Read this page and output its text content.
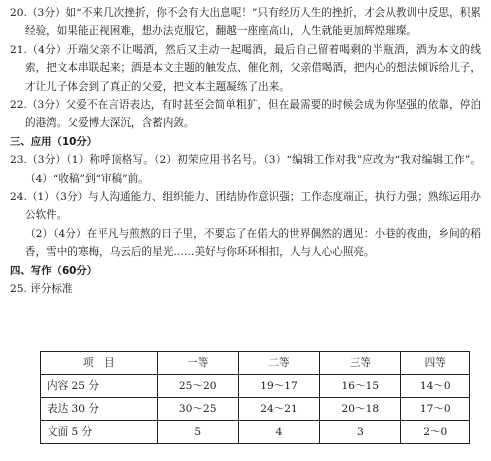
20.（3分）如“不来几次挫折，你不会有大出息呢！”只有经历人生的挫折，才会从教训中反思，积累经验，如果能正视困难，想办法克服它，翻越一座座高山，人生就能更加辉煌璀璨。

21.（4分）开端父亲不让喝酒，然后又主动一起喝酒，最后自己留着喝剩的半瓶酒，酒为本文的线索，把文本串联起来；酒是本文主题的触发点、催化剂，父亲借喝酒，把内心的想法倾诉给儿子，才让儿子体会到了真正的父爱，把文本主题凝练了出来。

22.（3分）父爱不在言语表达，有时甚至会简单粗犷，但在最需要的时候会成为你坚强的依靠，停泊的港湾。父爱博大深沉，含蓄内敛。

三、应用（10分）

23.（3分）（1）称呼顶格写。（2）初荣应用书名号。（3）“编辑工作对我”应改为“我对编辑工作”。（4）“收稿”到“审稿”前。

24.（1）（3分）与人沟通能力、组织能力、团结协作意识强；工作态度端正，执行力强；熟练运用办公软件。

（2）（4分）在平凡与煎熬的日子里，不要忘了在偌大的世界偶然的遇见：小巷的夜曲，乡间的稻香，雪中的寒梅，乌云后的星光……美好与你环环相扣，人与人心心照亮。

四、写作（60分）

25. 评分标准

项　目	一等	二等	三等	四等
内容 25 分	25～20	19～17	16～15	14～0
表达 30 分	30～25	24～21	20～18	17～0
文面 5 分	5	4	3	2～0
